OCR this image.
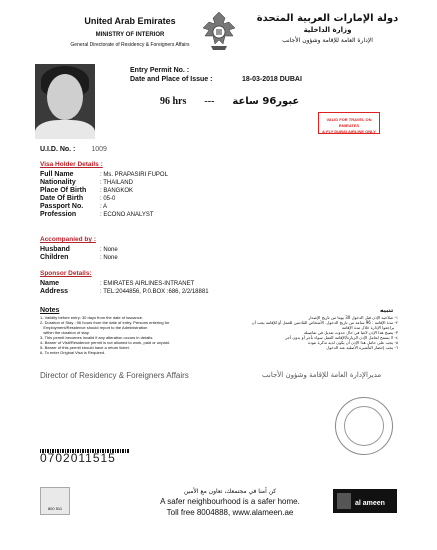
United Arab Emirates
MINISTRY OF INTERIOR
General Directorate of Residency & Foreigners Affairs
دولة الإمارات العربية المتحدة
وزارة الداخلية
الإدارة العامة للإقامة وشؤون الأجانب
Entry Permit No. :
Date and Place of Issue :	18-03-2018 DUBAI
96 hrs --- عبور96 ساعة
VALID FOR TRAVEL ON EMIRATES
& FLY DUBAI AIRLINE ONLY
U.I.D. No. : 1009
Visa Holder Details :
Full Name	: Ms. PRAPASIRI FUPOL
Nationality	: THAILAND
Place Of Birth	: BANGKOK
Date Of Birth	: 05-0
Passport No.	: A
Profession	: ECONO ANALYST
Accompanied by :
Husband	: None
Children	: None
Sponsor Details:
Name	: EMIRATES AIRLINES-INTRANET
Address	: TEL:2044856, P.0.BOX :686, 2/2/18881
Notes
1- Validity before entry: 30 days from the date of issuance.
2- Duration of Stay : 96 hours from the date of entry. Persons entering for
Employment/Residence should report to the Administration
within the duration of stay.
3- This permit becomes invalid if any alteration occurs in details.
4- Bearer of Visit/Residence permit is not allowed to work, paid or unpaid.
5- Bearer of this permit should have a return ticket.
6- To enter Original Visa is Required.
تنبيه
١- صلاحية الإذن قبل الدخول 30 يوما من تاريخ الإصدار
٢- مدة الإقامة : 96 ساعة من تاريخ الدخول. الأشخاص القادمين للعمل أو للإقامة يجب أن
يراجعوا الإدارة خلال مدة الإقامة
٣- يصبح هذا الإذن لاغيا في حال حدوث تعديل في تفاصيله
٤- لا يسمح لحامل الإذن الزيارة/الإقامة العمل سواء بأجر أو بدون أجر
٥- يجب على حامل هذا الإذن أن يكون لديه تذكرة عودة
٦- يجب إحضار التأشيرة الأصلية عند الدخول
Director of Residency & Foreigners Affairs	مديرالإدارة العامة للإقامة وشؤون الأجانب
0702011515
800 511
كن آمنا في مجتمعك، تعاون مع الأمين
A safer neighbourhood is a safer home.
Toll free 8004888, www.alameen.ae
al ameen
